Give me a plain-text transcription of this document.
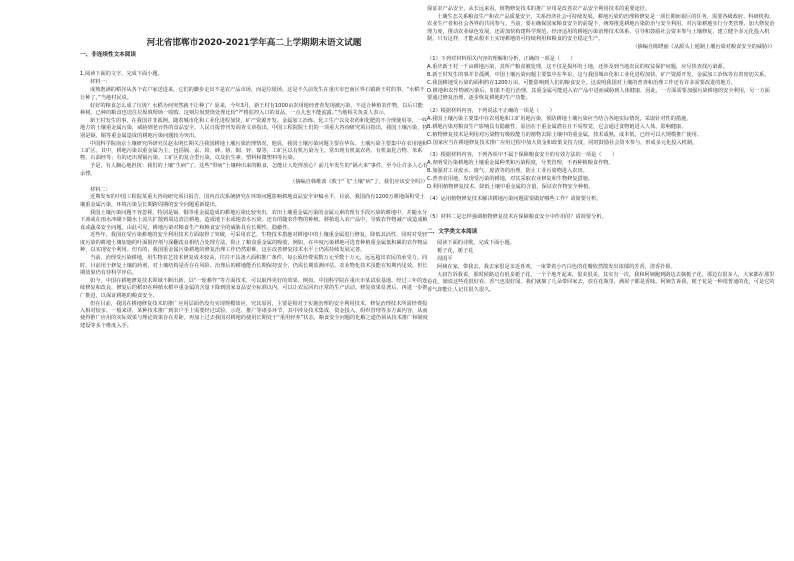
河北省邯郸市2020-2021学年高二上学期期末语文试题
一、非连续性文本阅读

1.阅读下面的文字，完成下面小题。

材料一：

成熟饱满的稻谷从各个农户家送进来，它们的脚步走出不是农产品市场，而是垃圾场。这是不久前发生在重庆市巴南区界石镇新王村的事。“水稻不让种了，”当地村民说。

好好的粮食怎么成了垃圾？水稻为何突然就不让种了？原来，今年3月，新王村有1000亩农用地经普查发现被污染，不适合种植农作物，以后只能种树。已种的粮食也送往垃圾填埋场一收购。这则垃圾焚烧处理比较“严格监控入口的食品，一点儿也不能流露。”当地相关负责人表示。

新王村发生的事，在我国并非孤例。随着城市化和工业化进程加快，矿产资源开发、金属加工冶炼、化工生产以及农药和化肥的不合理使用等，一些地方的土壤重金属污染，威胁到老百姓的食品安全。人民日报曾刊发调查文章指出，中国工程院院士们的一项重大咨询研究项目指出，我国土壤污染，特别是镉、铜等重金属造成的耕地污染问题较为突出。

中国科学院南京土壤研究所研究员赵永明长期关注我国耕地土壤污染治理情况，他说，我国土壤污染问题主要在华东、土壤污染主要集中在农用地和工矿区。其中，耕地污染以重金属为主，包括镉、汞、铅、砷、铬、铜、锌、镍等，工矿区以有机污染为主，常出现有机氯农药、有机氯化合物、苯系物、石油烃等；有的还出现镉污染。工矿区的复合型污染，以及抗生素、塑料和微塑料等污染。

予是，有人搁心地担扰：我们的土壤“生病”了。这些“带病”土壤种出来的粮食，怎能让人吃得放心？前几年发生的“镉大米”事件，至今让许多人心有余悸。

（摘编自韩维波《救于“飞”土壤“病”了，我们应该安全吗》）

材料二：

近期发布的中国工程院某重大咨询研究项目报告，国内首次系统研究在环境问题影响耕地食品安全审稿水平，目前，我国尚有1200万耕地面积受土壤重金属污染，环境污染呈长期跨周期的安全问题重新提出。

我国土壤污染问题不容忽视，特别是镉、铜等重金属造成的耕地污染比较突出。农田土壤重金属污染的金属元素的现有手段污染的耕地中，并随水分下渗或在雨水冲刷下随水土流失扩散到周边清洁耕地，造成地下水或地表水污染。还有的随农作物的种植、移植进入农产品中，导致农作物减产或造成粮食或蔬菜安全问题。由此可见，耕地污染对粮食生产和粮食安全的威胁具有长期性、隐蔽性。

近些年，我国在受污染耕地的安全利用技术方面取得了突破，可采用农艺、生物技术措施对耕地中的土壤重金属进行修复，降低其活性，同时对受轻度污染的耕地土壤加施的叶面阻控剂与深翻改良相结合处理方法，阻止了粮食重金属的吸收，例如，在中度污染耕地可选育种植重金属低积累的农作物品种，以实现安全利用。但有的，我国重金属污染耕地的修复治理工作仍然艰难，这在改善修复技术水平上仍需持续发展完善。

当前，治理受污染耕地，用生物农艺技术修复成本较高，往往不具备大面积推广条件，每公顷经费需数万元至数十万元，远远超出农民的承受力。同时，目前用于修复土壤的药剂，对土壤结构是否存在风险、治理后的耕地能否长期保持安全，仍需长期监测评估。农业物化技术虽能在短期内见效，但长期效果仍有待科学评估。

如今，中国在耕地修复技术领域不断出新，以“一轮耕作”等方面技术，可以取得更好的效果。例如，中国科学院在重庆市某试验基地，经过三年的连续修复和改良，修复后的稻田在种植水稻中重金属的含量下降到国家食品安全标准以内，可以让农民回归正常的生产活动。修复效果显著后，再进一步推广推进，以保证耕地的粮食安全。

但在目前，我国在耕地修复技术的推广应用层面仍没有实现规模效应，究其原因，主要是相对于实施治理的安全利用技术，修复治理技术所需经费投入相对较多。一般来讲，某种技术推广到农户手上需要经过试验、示范、推广等诸多环节，其中涉及技术集成、资金投入、组织管理等多方面内容，从而使得推广应用的实际效果与理论效果存在差距。再加上过去我国对耕地的使用长期处于“重用轻养”状态，粮食安全问题的化解之道仍须从技术推广和制度建设等多个维度入手。

保证农产品安全，从长远来看，植物修复技术的推广应用是改善农产品安全利用技术的重要途径。

土壤生态关系粮食生产和农产品质量安全，关系经济社会可持续发展，耕地污染的治理和修复是一项长期而艰巨的任务，需要各级政府、科研机构、农业生产者和社会各界的共同参与。当前，要在确保国家粮食安全的前提下，统筹推进耕地污染防治与安全利用，对污染耕地实行分类管理，加大修复治理力度，推动农业绿色发展，还需加快构建科学规范、经济适用的耕地污染治理技术体系，引导和鼓励社会资本参与土壤修复，建立健全多元化投入机制。只有这样，才能从根本上实现耕地的可持续利用和粮食的安全稳定生产。

（摘编自陈晓丽《从源头上遏制土壤污染对粮食安全的威胁》）

（1）下列对材料相关内容的理解和分析，正确的一项是（　　）

A.重庆新王村一千亩耕地污染，其所产粮食被处理，这不仅是损坏的土地，还涉及到当地农民的权益保护问题，应尽快查找污染源。

B.新王村发生的事并非孤例，中国土壤污染问题主要集中在华东，这与我国城市化和工业化进程加快，矿产资源开发、金属加工冶炼等有着密切关系。

C.我国耕地受污染的面积约在1200万亩，可能影响到人们的粮食安全，这说明我国对土壤的普查和治理工作还有许多需要改进的地方。

D.耕地和农作物被污染后，如果不进行治理，其重金属可能进入农产品中进而威胁到人体健康，因此，一方面需要加强污染耕地的安全利用，另一方面要通过修复治理，逐步恢复耕地的生产功能。

（2）根据材料内容，下列说法不正确的一项是（　　）

A.我国土壤污染主要集中在农用地和工矿用地污染，预防耕地土壤污染应当结合各地实际情况，采取针对性的措施。

B.耕地污染对粮食生产影响具有隐蔽性，原因在于重金属潜在且不易察觉，它会通过食物链进入人体，影响健康。

C.植物修复技术是利用对污染物有吸收能力的植物去除土壤中的重金属，技术成熟，成本低，已经可以大规模推广使用。

D.国家应当在耕地修复技术推广应用过程中加大资金和政策支持力度，同时鼓励社会资本参与，形成多元化投入机制。

（3）根据材料内容，下列各项中不属于保障粮食安全的有效方法的一项是（　　）

A.查明受污染耕地的土壤重金属种类和污染程度，分类管理，不再种植粮食作物。

B.加强对工业废水、废气、废渣等的治理，防止工业污染物进入农田。

C.普查农用地，发现受污染的耕地，对其采取农业修复和生物修复措施。

D.利用植物修复技术，降低土壤中重金属的含量，保证农作物安全种植。

（4）运用植物修复技术解决耕地污染问题需要做好哪些工作？请简要分析。

（5）材料二是怎样强调植物修复技术在保障粮食安全中作用的？请简要分析。

二、文学类文本阅读

阅读下面的诗歌，完成下面小题。

栀子花，栀子花

周国平

阿姨在家，带我去，我去家很是亲近喜欢。一束带着小巧白色的花瓣依然散发出浓郁的芳香，清香扑鼻。

大叔告诉我说，那时候路边有很多栀子花，一个个地开起来，很美很美。其实有一次，我和阿姨跑到路边去摘栀子花，那边有很多人，大家都在那里看花，她说这些花很好看，香气也很好闻，我们就摘了几朵带回家去，放在花瓶里，满屋子都是香味。阿姨告诉我，栀子花是一种很普通的花，可是它的香气却能让人记住很久很久。
